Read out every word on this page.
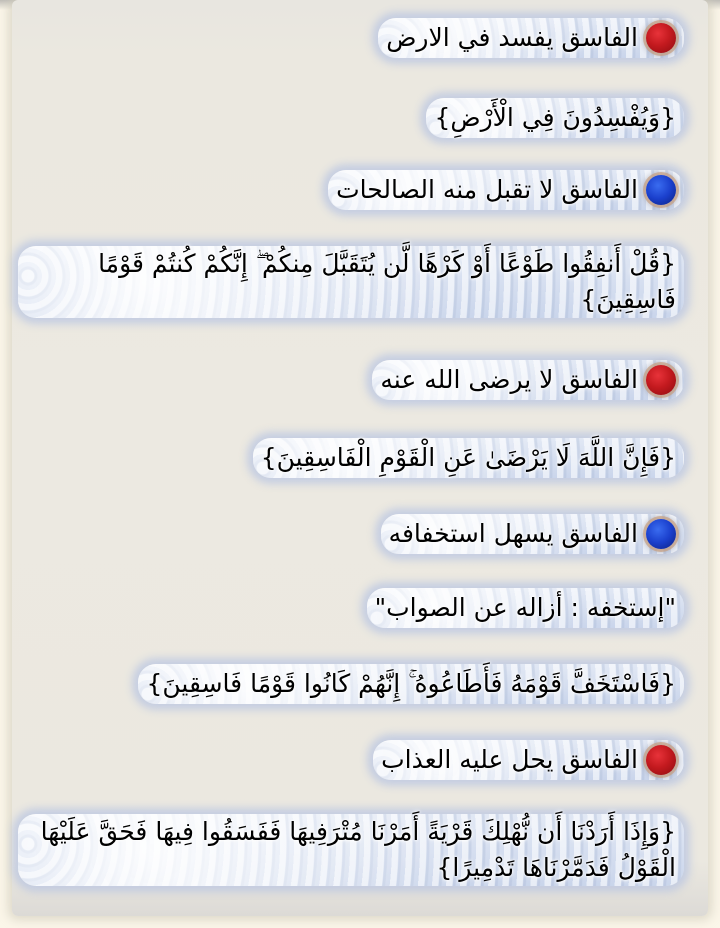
الفاسق يفسد في الارض
{وَيُفْسِدُونَ فِي الْأَرْضِ}
الفاسق لا تقبل منه الصالحات
{قُلْ أَنفِقُوا طَوْعًا أَوْ كَرْهًا لَّن يُتَقَبَّلَ مِنكُمْ ۖ إِنَّكُمْ كُنتُمْ قَوْمًا فَاسِقِينَ}
الفاسق لا يرضى الله عنه
{فَإِنَّ اللَّهَ لَا يَرْضَىٰ عَنِ الْقَوْمِ الْفَاسِقِينَ}
الفاسق يسهل استخفافه
"إستخفه : أزاله عن الصواب"
{فَاسْتَخَفَّ قَوْمَهُ فَأَطَاعُوهُ ۚ إِنَّهُمْ كَانُوا قَوْمًا فَاسِقِينَ}
الفاسق يحل عليه العذاب
{وَإِذَا أَرَدْنَا أَن نُّهْلِكَ قَرْيَةً أَمَرْنَا مُتْرَفِيهَا فَفَسَقُوا فِيهَا فَحَقَّ عَلَيْهَا الْقَوْلُ فَدَمَّرْنَاهَا تَدْمِيرًا}
